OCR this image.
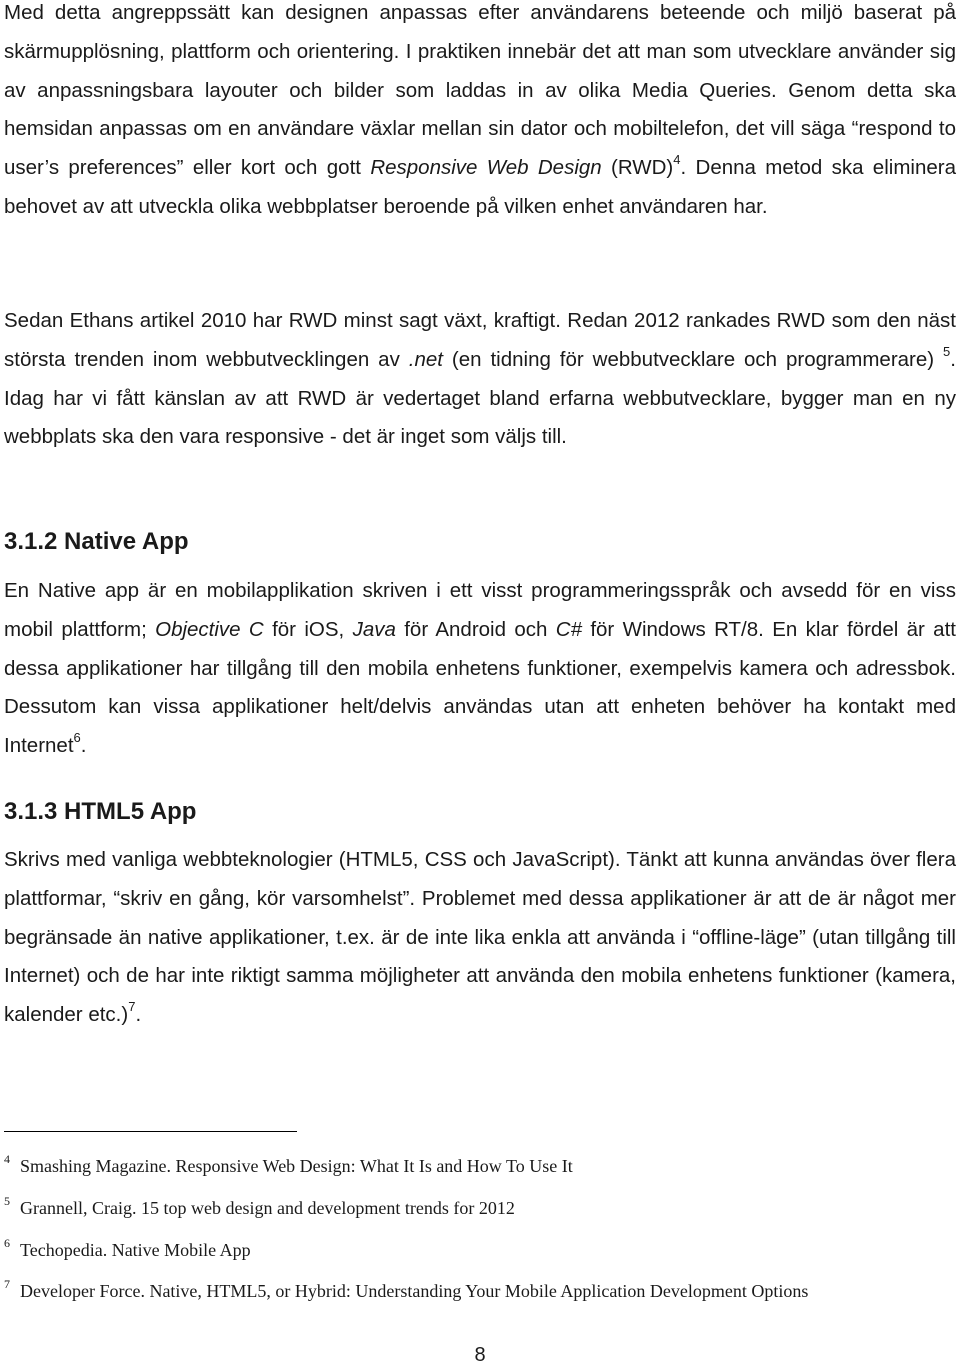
Med detta angreppssätt kan designen anpassas efter användarens beteende och miljö baserat på skärmupplösning, plattform och orientering. I praktiken innebär det att man som utvecklare använder sig av anpassningsbara layouter och bilder som laddas in av olika Media Queries. Genom detta ska hemsidan anpassas om en användare växlar mellan sin dator och mobiltelefon, det vill säga “respond to user’s preferences” eller kort och gott Responsive Web Design (RWD)$^4$. Denna metod ska eliminera behovet av att utveckla olika webbplatser beroende på vilken enhet användaren har.

Sedan Ethans artikel 2010 har RWD minst sagt växt, kraftigt. Redan 2012 rankades RWD som den näst största trenden inom webbutvecklingen av .net (en tidning för webbutvecklare och programmerare) $^5$. Idag har vi fått känslan av att RWD är vedertaget bland erfarna webbutvecklare, bygger man en ny webbplats ska den vara responsive - det är inget som väljs till.

3.1.2 Native App

En Native app är en mobilapplikation skriven i ett visst programmeringsspråk och avsedd för en viss mobil plattform; Objective C för iOS, Java för Android och C# för Windows RT/8. En klar fördel är att dessa applikationer har tillgång till den mobila enhetens funktioner, exempelvis kamera och adressbok. Dessutom kan vissa applikationer helt/delvis användas utan att enheten behöver ha kontakt med Internet$^6$.

3.1.3 HTML5 App

Skrivs med vanliga webbteknologier (HTML5, CSS och JavaScript). Tänkt att kunna användas över flera plattformar, “skriv en gång, kör varsomhelst”. Problemet med dessa applikationer är att de är något mer begränsade än native applikationer, t.ex. är de inte lika enkla att använda i “offline-läge” (utan tillgång till Internet) och de har inte riktigt samma möjligheter att använda den mobila enhetens funktioner (kamera, kalender etc.)$^7$.

4 Smashing Magazine. Responsive Web Design: What It Is and How To Use It

5 Grannell, Craig. 15 top web design and development trends for 2012

6 Techopedia. Native Mobile App

7 Developer Force. Native, HTML5, or Hybrid: Understanding Your Mobile Application Development Options

8
